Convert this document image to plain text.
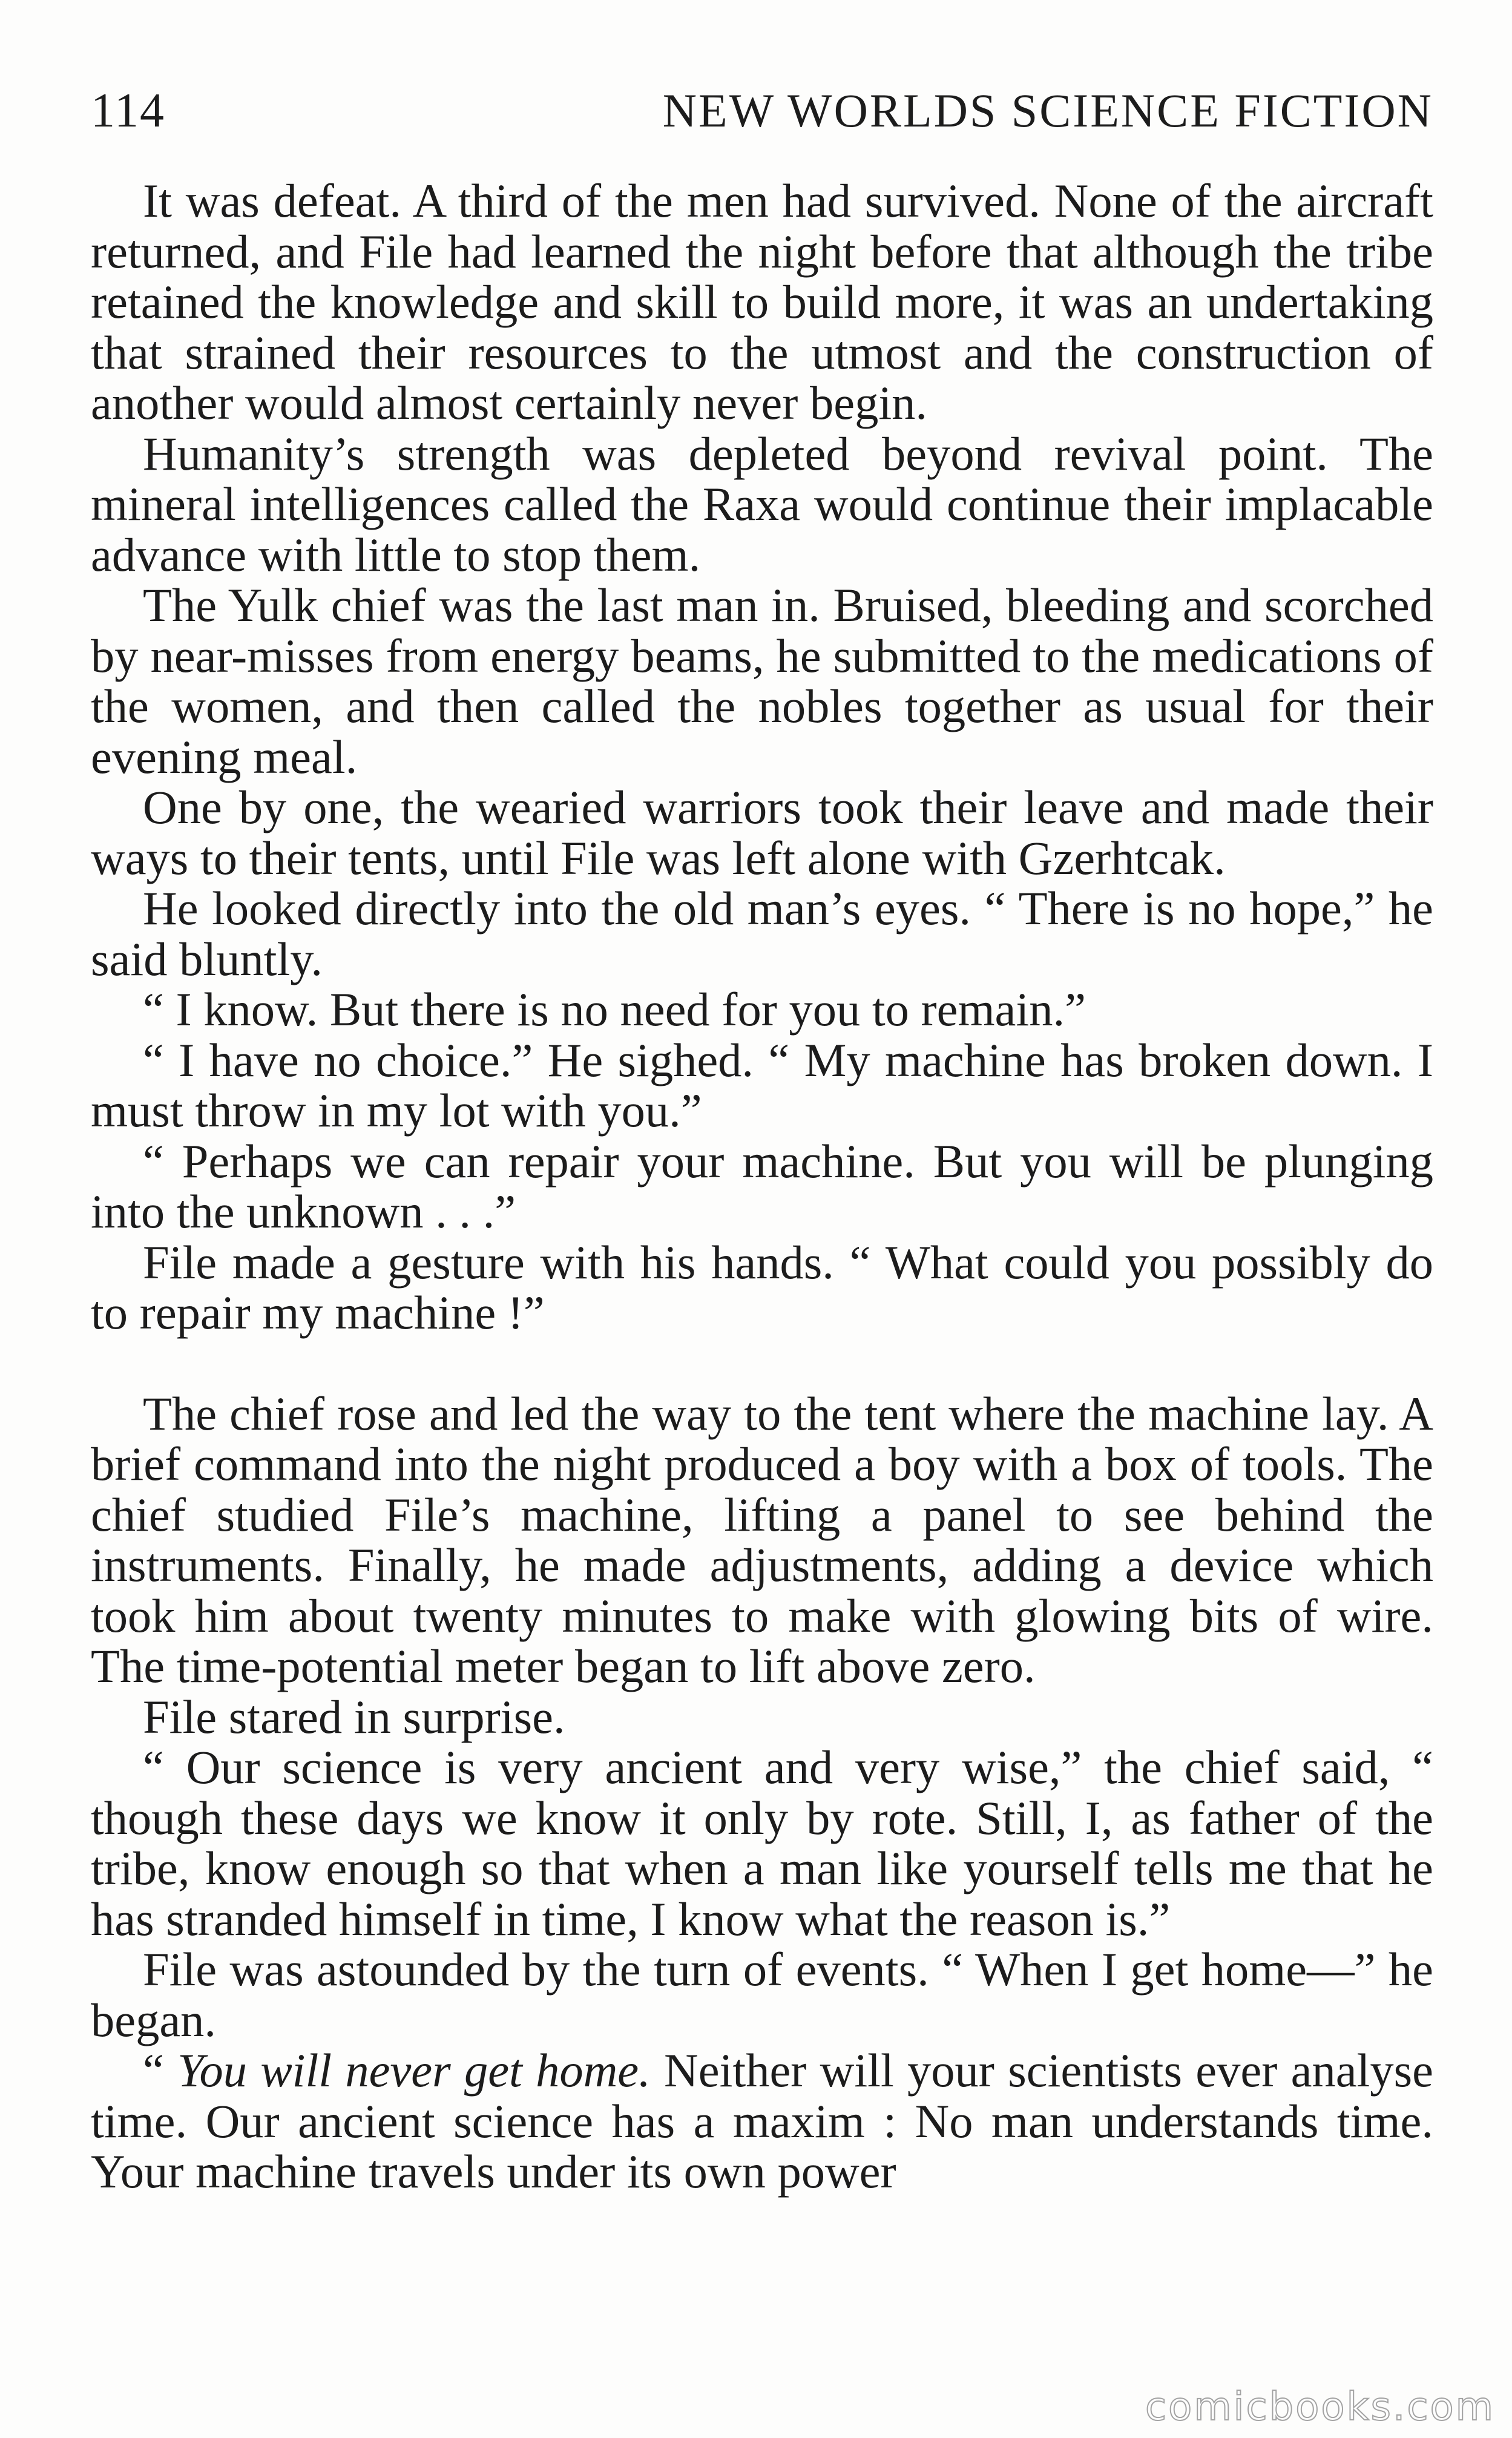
114	NEW WORLDS SCIENCE FICTION

It was defeat. A third of the men had survived. None of the aircraft returned, and File had learned the night before that although the tribe retained the knowledge and skill to build more, it was an undertaking that strained their resources to the utmost and the construction of another would almost certainly never begin.

Humanity’s strength was depleted beyond revival point. The mineral intelligences called the Raxa would continue their implacable advance with little to stop them.

The Yulk chief was the last man in. Bruised, bleeding and scorched by near-misses from energy beams, he submitted to the medications of the women, and then called the nobles together as usual for their evening meal.

One by one, the wearied warriors took their leave and made their ways to their tents, until File was left alone with Gzerhtcak.

He looked directly into the old man’s eyes. “ There is no hope,” he said bluntly.

“ I know. But there is no need for you to remain.”

“ I have no choice.” He sighed. “ My machine has broken down. I must throw in my lot with you.”

“ Perhaps we can repair your machine. But you will be plunging into the unknown . . .”

File made a gesture with his hands. “ What could you possibly do to repair my machine !”

The chief rose and led the way to the tent where the machine lay. A brief command into the night produced a boy with a box of tools. The chief studied File’s machine, lifting a panel to see behind the instruments. Finally, he made adjustments, adding a device which took him about twenty minutes to make with glowing bits of wire. The time-potential meter began to lift above zero.

File stared in surprise.

“ Our science is very ancient and very wise,” the chief said, “ though these days we know it only by rote. Still, I, as father of the tribe, know enough so that when a man like yourself tells me that he has stranded himself in time, I know what the reason is.”

File was astounded by the turn of events. “ When I get home—” he began.

“ You will never get home. Neither will your scientists ever analyse time. Our ancient science has a maxim : No man understands time. Your machine travels under its own power

comicbooks.com
